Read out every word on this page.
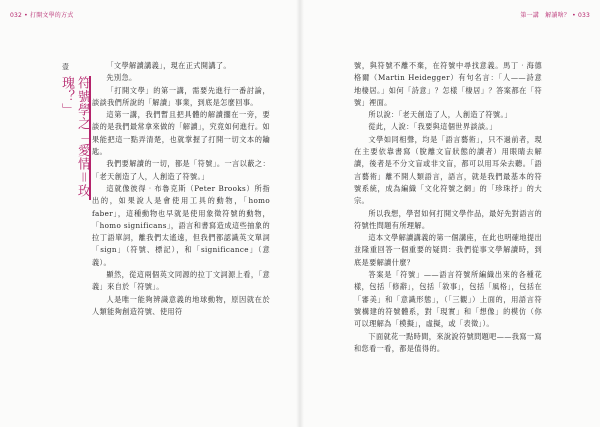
032 • 打開文學的方式
壹
符號學之「愛情＝玫瑰？」

「文學解讀講義」，現在正式開講了。

先別急。

「打開文學」的第一講，需要先進行一番討論，談談我們所說的「解讀」事業，到底是怎麼回事。

這第一講，我們暫且把具體的解讀擱在一旁，要談的是我們最常拿來做的「解讀」，究竟如何進行。如果能把這一點弄清楚，也就掌握了打開一切文本的鑰匙。

我們要解讀的一切，都是「符號」。一言以蔽之：「老天創造了人，人創造了符號。」

這就像彼得‧布魯克斯（Peter Brooks）所指出的，如果說人是會使用工具的動物，「homo faber」，這種動物也早就是使用象徵符號的動物，「homo significans」，語言和書寫造成這些抽象的拉丁語單詞，離我們太遙遠，但我們都認識英文單詞「sign」（符號、標記），和「significance」（意義）。

顯然，從這兩個英文同源的拉丁文詞源上看，「意義」來自於「符號」。

人是唯一能夠辨識意義的地球動物，原因就在於人類能夠創造符號、使用符

第一講　解讀啥？ • 033

號，與符號不離不棄，在符號中尋找意義。馬丁‧海德格爾（Martin Heidegger）有句名言：「人——詩意地棲居。」如何「詩意」？怎樣「棲居」？答案都在「符號」裡面。

所以說：「老天創造了人，人創造了符號。」

從此，人說：「我要與這個世界談談。」

文學如同相聲，均是「語言藝術」，只不過前者，現在主要依靠書寫（脫離文盲狀態的讀者）用眼睛去解讀，後者是不分文盲或非文盲，都可以用耳朵去聽。「語言藝術」離不開人類語言，語言，就是我們最基本的符號系統，成為編織「文化符號之網」的「珍珠抒」的大宗。

所以我想，學習如何打開文學作品，最好先對語言的符號性問題有所理解。

這本文學解讀講義的第一個講座，在此也明確地提出並隆重回答一個重要的疑問：我們從事文學解讀時，到底是要解讀什麼？

答案是「符號」——語言符號所編織出來的各種花樣，包括「修辭」，包括「敘事」，包括「風格」，包括在「審美」和「意識形態」，（「三觀」）上面的，用語言符號構建的符號體系，對「現實」和「想像」的模仿（你可以理解為「模擬」，虛擬，或「表徵」）。

下面就花一點時間，來說說符號問題吧——我寫一寫和您看一看，都是值得的。
